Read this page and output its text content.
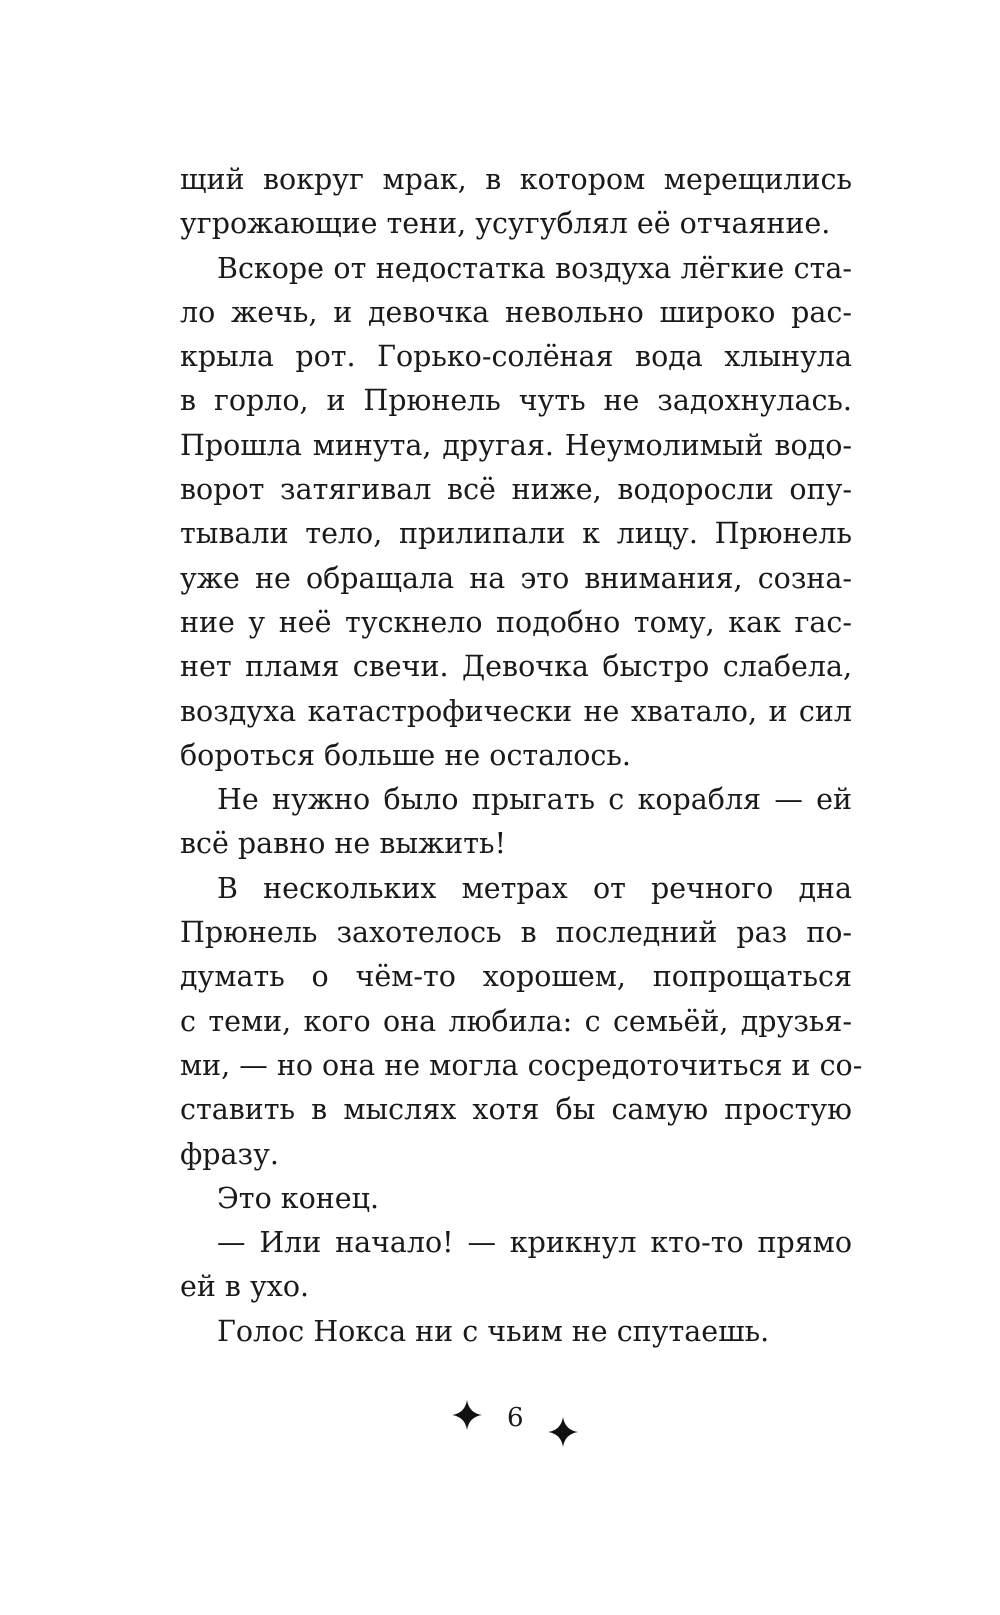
щий вокруг мрак, в котором мерещились
угрожающие тени, усугублял её отчаяние.
Вскоре от недостатка воздуха лёгкие ста-
ло жечь, и девочка невольно широко рас-
крыла рот. Горько-солёная вода хлынула
в горло, и Прюнель чуть не задохнулась.
Прошла минута, другая. Неумолимый водо-
ворот затягивал всё ниже, водоросли опу-
тывали тело, прилипали к лицу. Прюнель
уже не обращала на это внимания, созна-
ние у неё тускнело подобно тому, как гас-
нет пламя свечи. Девочка быстро слабела,
воздуха катастрофически не хватало, и сил
бороться больше не осталось.
Не нужно было прыгать с корабля — ей
всё равно не выжить!
В нескольких метрах от речного дна
Прюнель захотелось в последний раз по-
думать о чём-то хорошем, попрощаться
с теми, кого она любила: с семьёй, друзья-
ми, — но она не могла сосредоточиться и со-
ставить в мыслях хотя бы самую простую
фразу.
Это конец.
— Или начало! — крикнул кто-то прямо
ей в ухо.
Голос Нокса ни с чьим не спутаешь.
6
